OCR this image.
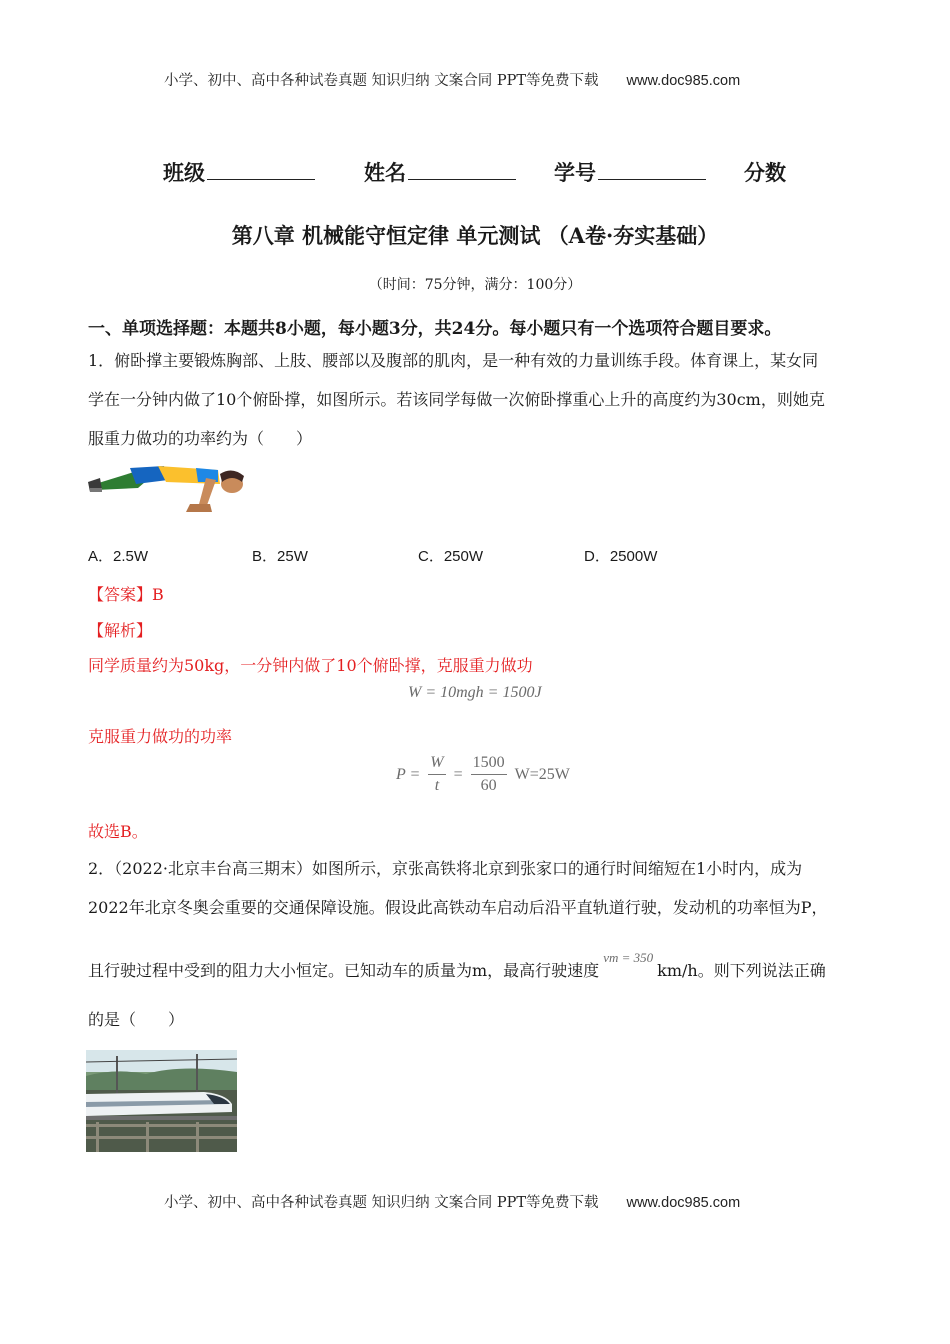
小学、初中、高中各种试卷真题 知识归纳 文案合同 PPT等免费下载 www.doc985.com
班级	姓名	学号	分数
第八章 机械能守恒定律 单元测试 （A卷·夯实基础）
（时间：75分钟，满分：100分）
一、单项选择题：本题共8小题，每小题3分，共24分。每小题只有一个选项符合题目要求。
1．俯卧撑主要锻炼胸部、上肢、腰部以及腹部的肌肉，是一种有效的力量训练手段。体育课上，某女同
学在一分钟内做了10个俯卧撑，如图所示。若该同学每做一次俯卧撑重心上升的高度约为30cm，则她克
服重力做功的功率约为（　　）
A．2.5W	B．25W	C．250W	D．2500W
【答案】B
【解析】
同学质量约为50kg，一分钟内做了10个俯卧撑，克服重力做功
W = 10mgh = 1500J
克服重力做功的功率
$P = \frac{W}{t} = \frac{1500}{60} W=25W$
故选B。
2．（2022·北京丰台高三期末）如图所示，京张高铁将北京到张家口的通行时间缩短在1小时内，成为
2022年北京冬奥会重要的交通保障设施。假设此高铁动车启动后沿平直轨道行驶，发动机的功率恒为P，
且行驶过程中受到的阻力大小恒定。已知动车的质量为m，最高行驶速度$^{vm = 350}$km/h。则下列说法正确
的是（　　）
小学、初中、高中各种试卷真题 知识归纳 文案合同 PPT等免费下载 www.doc985.com
